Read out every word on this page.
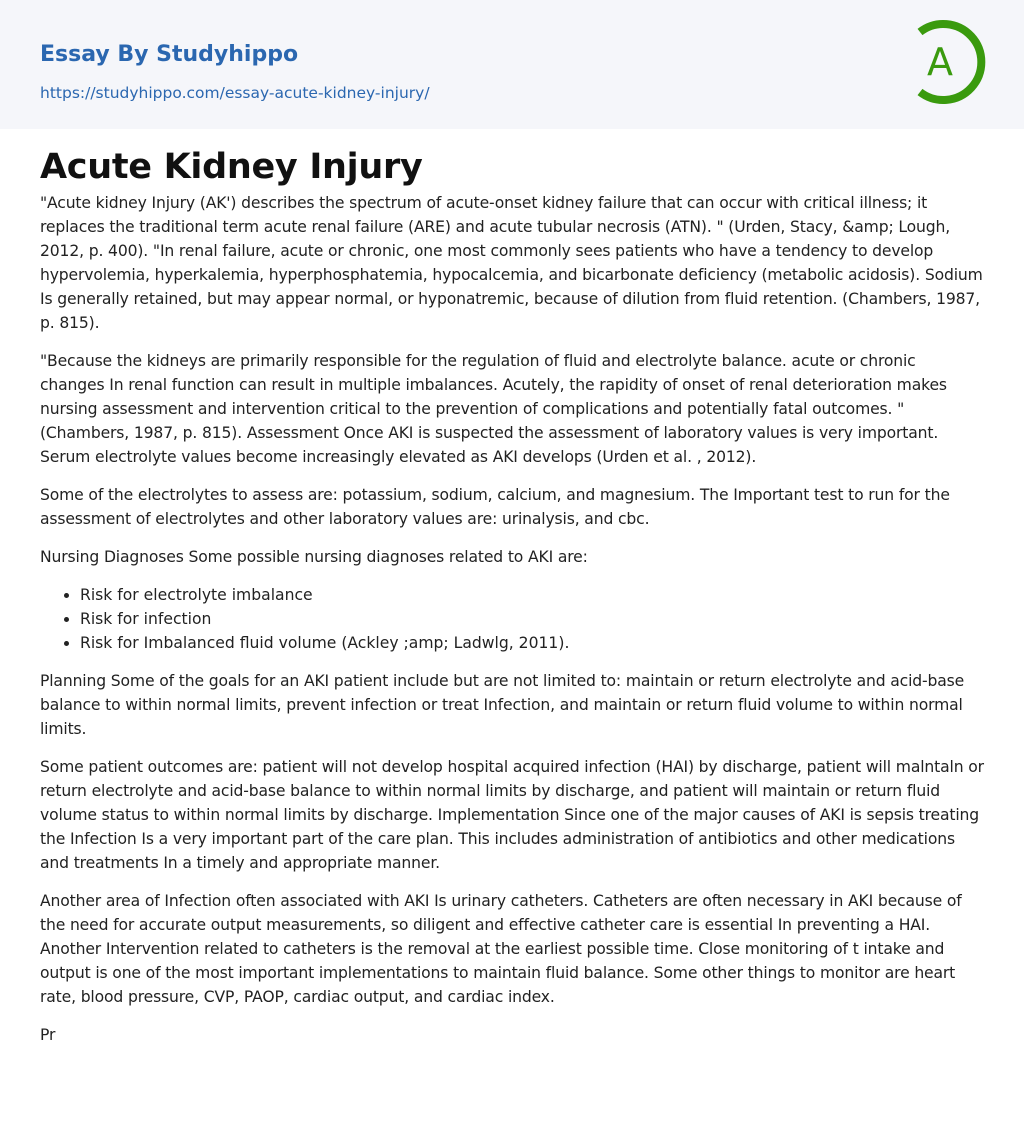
Essay By Studyhippo
https://studyhippo.com/essay-acute-kidney-injury/
A
Acute Kidney Injury

"Acute kidney Injury (AK') describes the spectrum of acute-onset kidney failure that can occur with critical illness; it replaces the traditional term acute renal failure (ARE) and acute tubular necrosis (ATN). " (Urden, Stacy, &amp; Lough, 2012, p. 400). "In renal failure, acute or chronic, one most commonly sees patients who have a tendency to develop hypervolemia, hyperkalemia, hyperphosphatemia, hypocalcemia, and bicarbonate deficiency (metabolic acidosis). Sodium Is generally retained, but may appear normal, or hyponatremic, because of dilution from fluid retention. (Chambers, 1987, p. 815).

"Because the kidneys are primarily responsible for the regulation of fluid and electrolyte balance. acute or chronic changes In renal function can result in multiple imbalances. Acutely, the rapidity of onset of renal deterioration makes nursing assessment and intervention critical to the prevention of complications and potentially fatal outcomes. " (Chambers, 1987, p. 815). Assessment Once AKI is suspected the assessment of laboratory values is very important. Serum electrolyte values become increasingly elevated as AKI develops (Urden et al. , 2012).

Some of the electrolytes to assess are: potassium, sodium, calcium, and magnesium. The Important test to run for the assessment of electrolytes and other laboratory values are: urinalysis, and cbc.

Nursing Diagnoses Some possible nursing diagnoses related to AKI are:

• Risk for electrolyte imbalance
• Risk for infection
• Risk for Imbalanced fluid volume (Ackley ;amp; Ladwlg, 2011).

Planning Some of the goals for an AKI patient include but are not limited to: maintain or return electrolyte and acid-base balance to within normal limits, prevent infection or treat Infection, and maintain or return fluid volume to within normal limits.

Some patient outcomes are: patient will not develop hospital acquired infection (HAI) by discharge, patient will malntaln or return electrolyte and acid-base balance to within normal limits by discharge, and patient will maintain or return fluid volume status to within normal limits by discharge. Implementation Since one of the major causes of AKI is sepsis treating the Infection Is a very important part of the care plan. This includes administration of antibiotics and other medications and treatments In a timely and appropriate manner.

Another area of Infection often associated with AKI Is urinary catheters. Catheters are often necessary in AKI because of the need for accurate output measurements, so diligent and effective catheter care is essential In preventing a HAI. Another Intervention related to catheters is the removal at the earliest possible time. Close monitoring of t intake and output is one of the most important implementations to maintain fluid balance. Some other things to monitor are heart rate, blood pressure, CVP, PAOP, cardiac output, and cardiac index.

Pr
